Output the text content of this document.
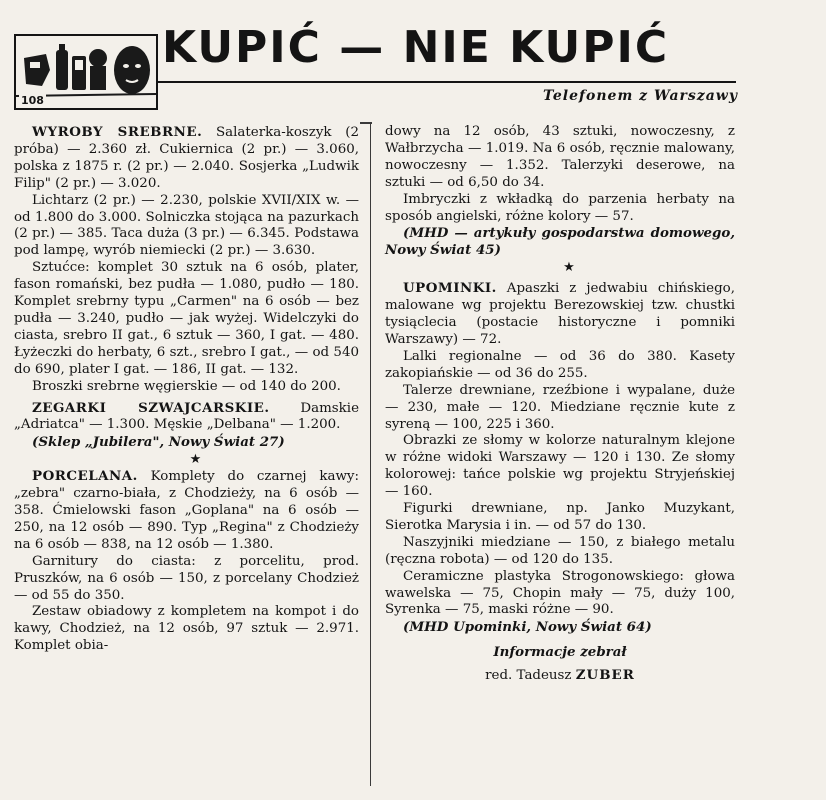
108
KUPIĆ — NIE KUPIĆ

Telefonem z Warszawy

WYROBY SREBRNE. Salaterka-koszyk (2 próba) — 2.360 zł. Cukiernica (2 pr.) — 3.060, polska z 1875 r. (2 pr.) — 2.040. Sosjerka „Ludwik Filip" (2 pr.) — 3.020.

Lichtarz (2 pr.) — 2.230, polskie XVII/XIX w. — od 1.800 do 3.000. Solniczka stojąca na pazurkach (2 pr.) — 385. Taca duża (3 pr.) — 6.345. Podstawa pod lampę, wyrób niemiecki (2 pr.) — 3.630.

Sztućce: komplet 30 sztuk na 6 osób, plater, fason romański, bez pudła — 1.080, pudło — 180. Komplet srebrny typu „Carmen" na 6 osób — bez pudła — 3.240, pudło — jak wyżej. Widelczyki do ciasta, srebro II gat., 6 sztuk — 360, I gat. — 480. Łyżeczki do herbaty, 6 szt., srebro I gat., — od 540 do 690, plater I gat. — 186, II gat. — 132.

Broszki srebrne węgierskie — od 140 do 200.

ZEGARKI SZWAJCARSKIE. Damskie „Adriatca" — 1.300. Męskie „Delbana" — 1.200.

(Sklep „Jubilera", Nowy Świat 27)

★

PORCELANA. Komplety do czarnej kawy: „zebra" czarno-biała, z Chodzieży, na 6 osób — 358. Ćmielowski fason „Goplana" na 6 osób — 250, na 12 osób — 890. Typ „Regina" z Chodzieży na 6 osób — 838, na 12 osób — 1.380.

Garnitury do ciasta: z porcelitu, prod. Pruszków, na 6 osób — 150, z porcelany Chodzież — od 55 do 350.

Zestaw obiadowy z kompletem na kompot i do kawy, Chodzież, na 12 osób, 97 sztuk — 2.971. Komplet obia-

dowy na 12 osób, 43 sztuki, nowoczesny, z Wałbrzycha — 1.019. Na 6 osób, ręcznie malowany, nowoczesny — 1.352. Talerzyki deserowe, na sztuki — od 6,50 do 34.

Imbryczki z wkładką do parzenia herbaty na sposób angielski, różne kolory — 57.

(MHD — artykuły gospodarstwa domowego, Nowy Świat 45)

★

UPOMINKI. Apaszki z jedwabiu chińskiego, malowane wg projektu Berezowskiej tzw. chustki tysiąclecia (postacie historyczne i pomniki Warszawy) — 72.

Lalki regionalne — od 36 do 380. Kasety zakopiańskie — od 36 do 255.

Talerze drewniane, rzeźbione i wypalane, duże — 230, małe — 120. Miedziane ręcznie kute z syreną — 100, 225 i 360.

Obrazki ze słomy w kolorze naturalnym klejone w różne widoki Warszawy — 120 i 130. Ze słomy kolorowej: tańce polskie wg projektu Stryjeńskiej — 160.

Figurki drewniane, np. Janko Muzykant, Sierotka Marysia i in. — od 57 do 130.

Naszyjniki miedziane — 150, z białego metalu (ręczna robota) — od 120 do 135.

Ceramiczne plastyka Strogonowskiego: głowa wawelska — 75, Chopin mały — 75, duży 100, Syrenka — 75, maski różne — 90.

(MHD Upominki, Nowy Świat 64)

Informacje zebrał

red. Tadeusz ZUBER
